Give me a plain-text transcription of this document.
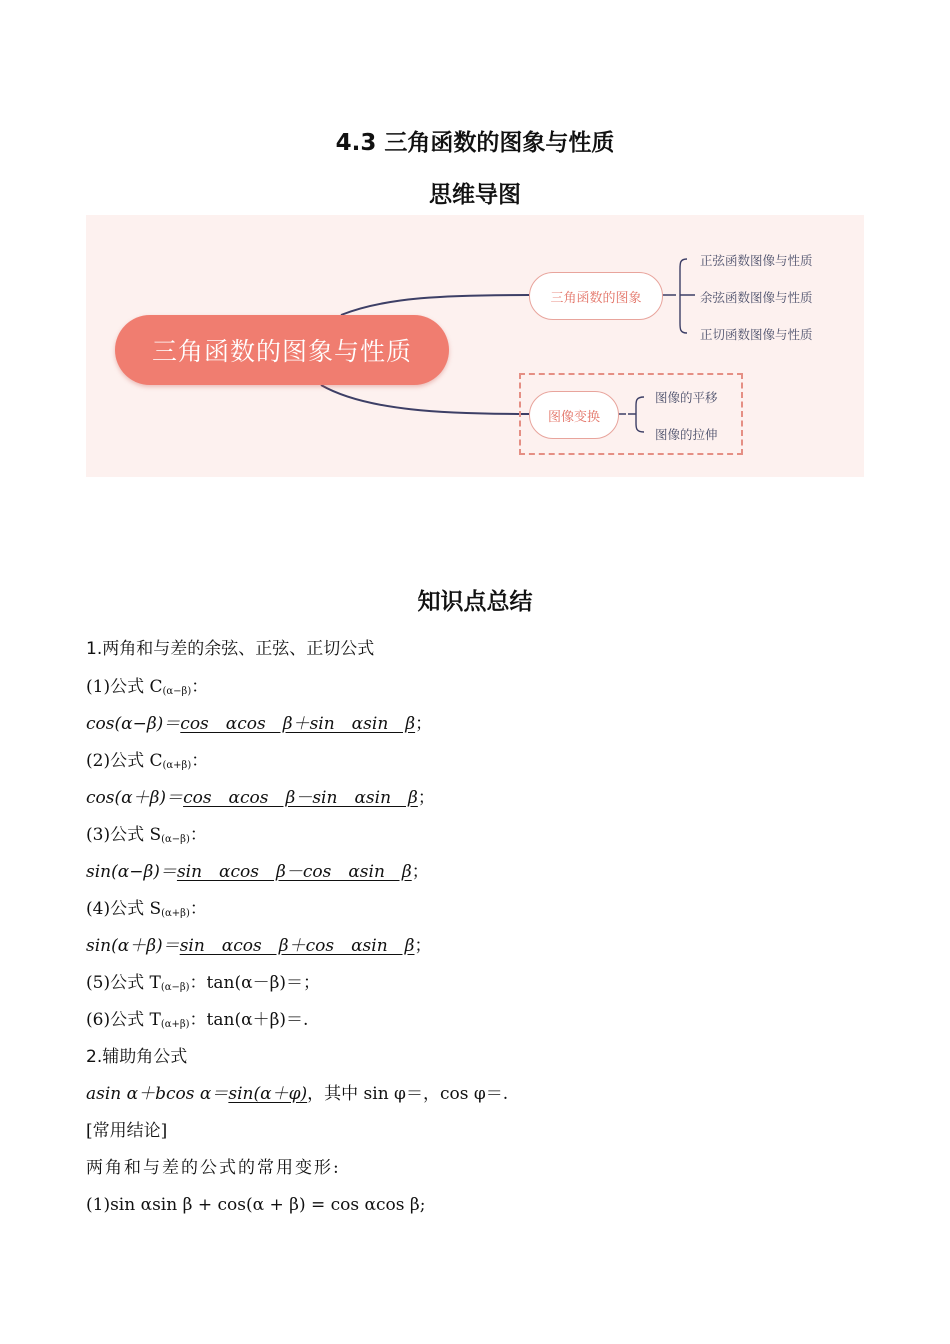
4.3 三角函数的图象与性质
思维导图
三角函数的图象与性质
三角函数的图象
正弦函数图像与性质
余弦函数图像与性质
正切函数图像与性质
图像变换
图像的平移
图像的拉伸
知识点总结
1.两角和与差的余弦、正弦、正切公式
(1)公式 $C_{(\alpha-\beta)}$：
cos(α−β)＝cos　αcos　β＋sin　αsin　β；
(2)公式 $C_{(\alpha+\beta)}$：
cos(α＋β)＝cos　αcos　β－sin　αsin　β；
(3)公式 $S_{(\alpha-\beta)}$：
sin(α−β)＝sin　αcos　β－cos　αsin　β；
(4)公式 $S_{(\alpha+\beta)}$：
sin(α＋β)＝sin　αcos　β＋cos　αsin　β；
(5)公式 $T_{(\alpha-\beta)}$：tan(α－β)＝；
(6)公式 $T_{(\alpha+\beta)}$：tan(α＋β)＝.
2.辅助角公式
asin α＋bcos α＝sin(α＋φ)，其中 sin φ＝，cos φ＝.
[常用结论]
两角和与差的公式的常用变形:
(1)sin αsin β + cos(α + β) = cos αcos β;
